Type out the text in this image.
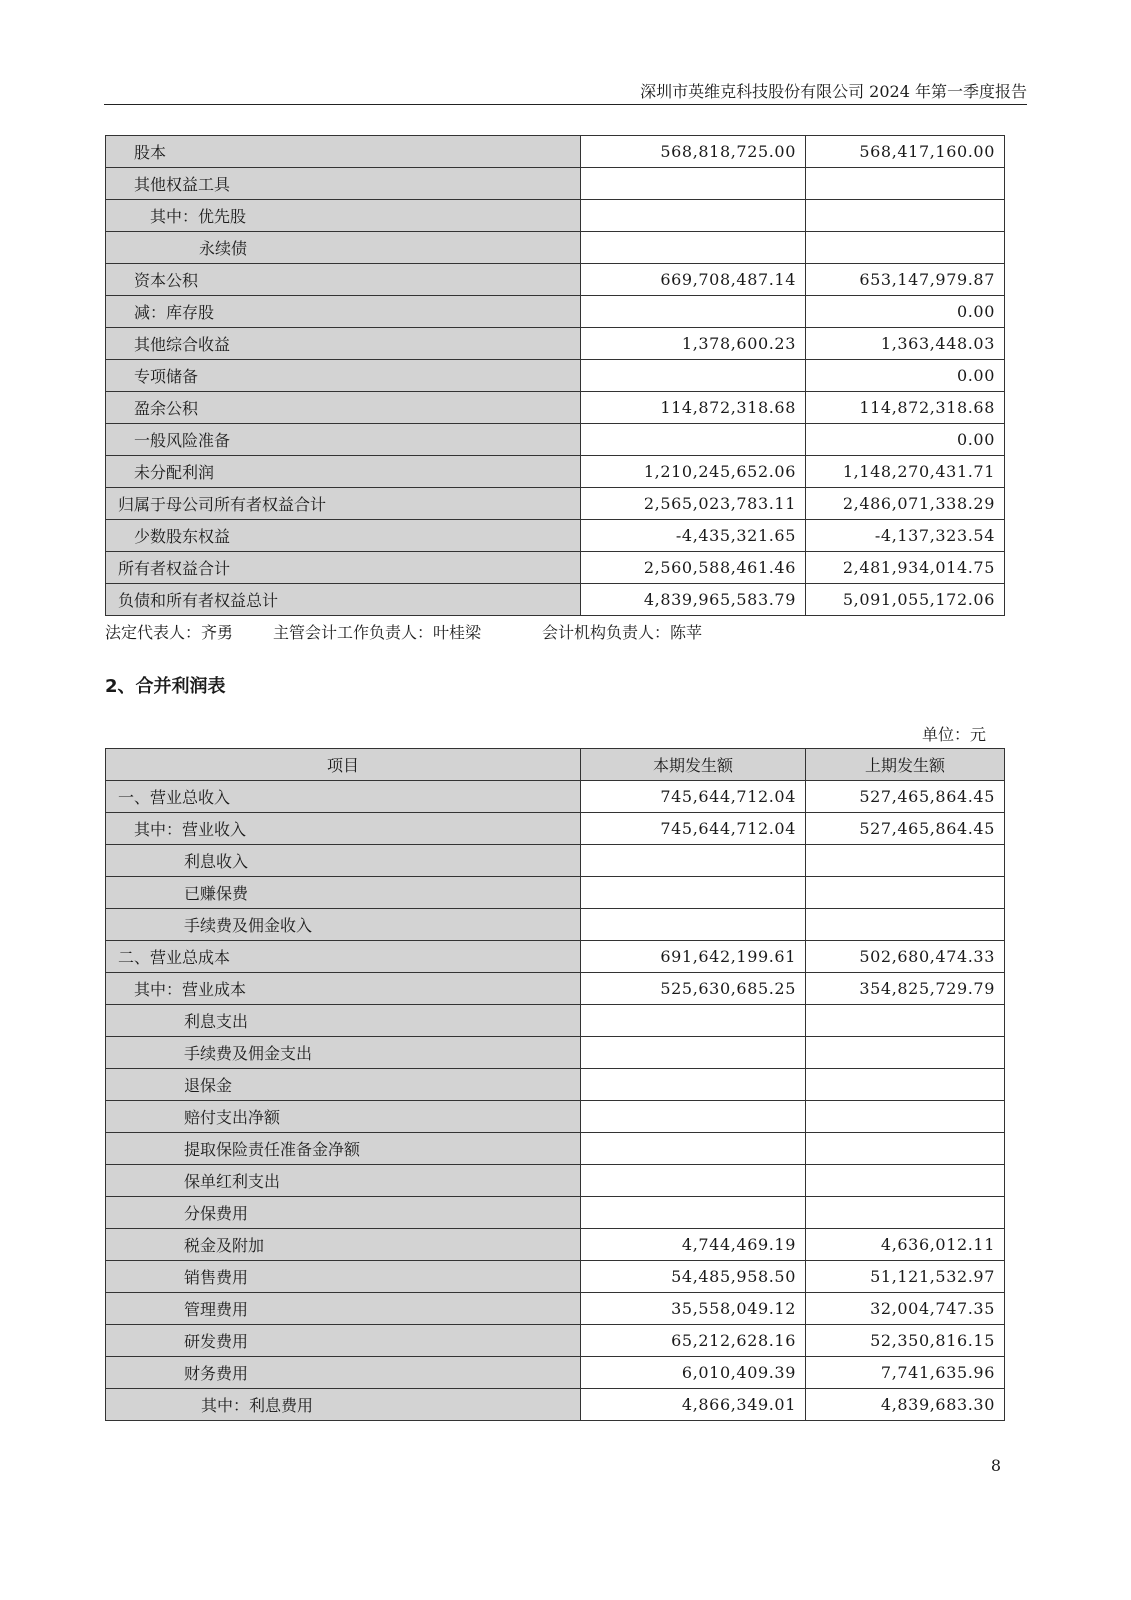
深圳市英维克科技股份有限公司 2024 年第一季度报告
股本	568,818,725.00	568,417,160.00
其他权益工具		
其中：优先股		
永续债		
资本公积	669,708,487.14	653,147,979.87
减：库存股		0.00
其他综合收益	1,378,600.23	1,363,448.03
专项储备		0.00
盈余公积	114,872,318.68	114,872,318.68
一般风险准备		0.00
未分配利润	1,210,245,652.06	1,148,270,431.71
归属于母公司所有者权益合计	2,565,023,783.11	2,486,071,338.29
少数股东权益	-4,435,321.65	-4,137,323.54
所有者权益合计	2,560,588,461.46	2,481,934,014.75
负债和所有者权益总计	4,839,965,583.79	5,091,055,172.06
法定代表人：齐勇 主管会计工作负责人：叶桂梁	会计机构负责人：陈苹
2、合并利润表
单位：元
项目	本期发生额	上期发生额
一、营业总收入	745,644,712.04	527,465,864.45
其中：营业收入	745,644,712.04	527,465,864.45
利息收入		
已赚保费		
手续费及佣金收入		
二、营业总成本	691,642,199.61	502,680,474.33
其中：营业成本	525,630,685.25	354,825,729.79
利息支出		
手续费及佣金支出		
退保金		
赔付支出净额		
提取保险责任准备金净额		
保单红利支出		
分保费用		
税金及附加	4,744,469.19	4,636,012.11
销售费用	54,485,958.50	51,121,532.97
管理费用	35,558,049.12	32,004,747.35
研发费用	65,212,628.16	52,350,816.15
财务费用	6,010,409.39	7,741,635.96
其中：利息费用	4,866,349.01	4,839,683.30
8
